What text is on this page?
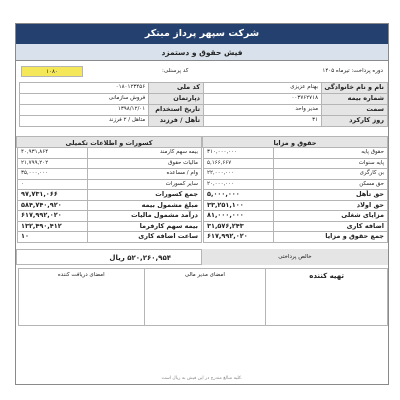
شرکت سپهر پرداز مبتکر
فیش حقوق و دستمزد
دوره پرداخت: تیرماه ۱۴۰۵
کد پرسنلی:
۱۰۸۰
نام و نام خانوادگی
بهنام عزیزی
کد ملی
۰۱۸۰۱۲۳۴۵۶
شماره بیمه
۰۰۳۷۶۲۷۱۸
دپارتمان
فروش سازمانی
سمت
مدیر واحد
تاریخ استخدام
۱۳۹۸/۱۲/۰۱
روز کارکرد
۳۱
تأهل / فرزند
متاهل / ۲ فرزند
حقوق و مزایا
حقوق پایه
۳۱۰,۰۰۰,۰۰۰
پایه سنوات
۵,۱۶۶,۶۶۷
بن کارگری
۲۲,۰۰۰,۰۰۰
حق مسکن
۲۰,۰۰۰,۰۰۰
حق تأهل
۵,۰۰۰,۰۰۰
حق اولاد
۳۳,۲۵۱,۱۰۰
مزایای شغلی
۸۱,۰۰۰,۰۰۰
اضافه کاری
۳۱,۵۷۶,۲۴۳
جمع حقوق و مزایا
۶۱۷,۹۹۲,۰۲۰
کسورات و اطلاعات تکمیلی
بیمه سهم کارمند
۴۰,۹۳۱,۸۶۴
مالیات حقوق
۲۱,۷۹۹,۲۰۲
وام / مساعده
۳۵,۰۰۰,۰۰۰
سایر کسورات
۰
جمع کسورات
۹۷,۷۳۱,۰۶۶
مبلغ مشمول بیمه
۵۸۴,۷۴۰,۹۲۰
درآمد مشمول مالیات
۶۱۷,۹۹۲,۰۲۰
بیمه سهم کارفرما
۱۳۲,۴۹۰,۴۱۲
ساعت اضافه کاری
۱۰
خالص پرداختی
۵۲۰,۲۶۰,۹۵۴ ریال
تهیه کننده
امضای مدیر مالی
امضای دریافت کننده
کلیه مبالغ مندرج در این فیش به ریال است.
